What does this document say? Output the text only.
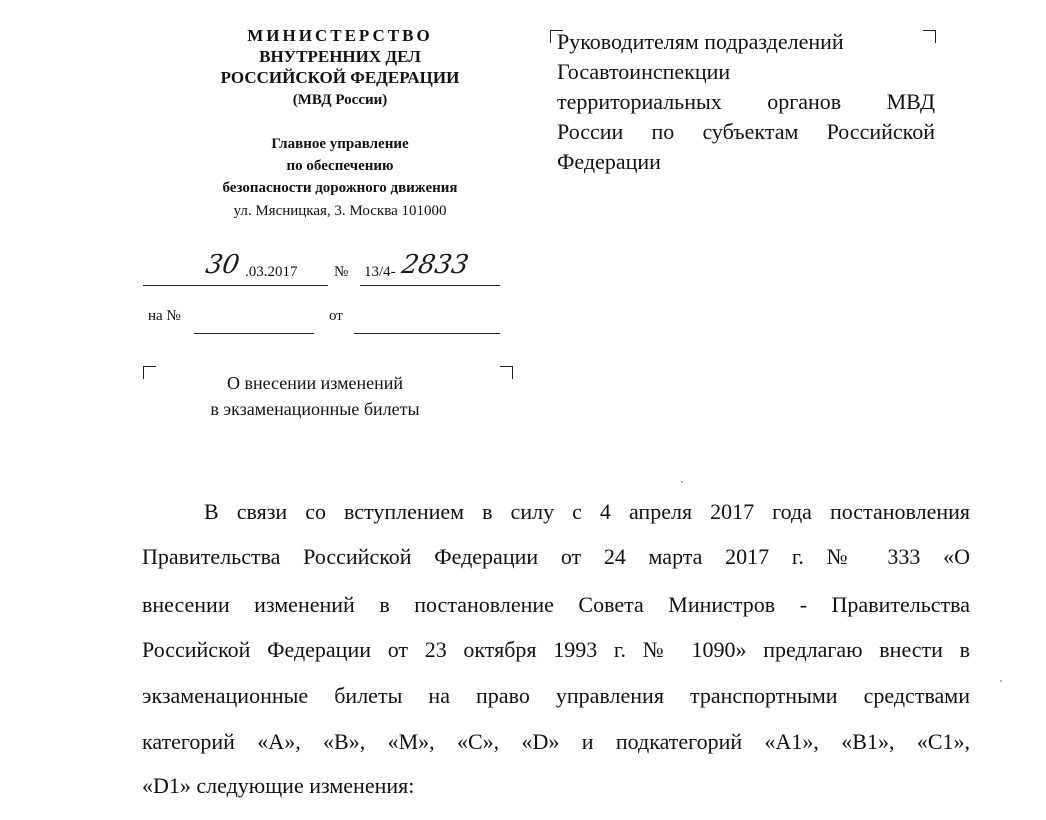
МИНИСТЕРСТВО
ВНУТРЕННИХ ДЕЛ
РОССИЙСКОЙ ФЕДЕРАЦИИ
(МВД России)
Главное управление
по обеспечению
безопасности дорожного движения
ул. Мясницкая, 3. Москва 101000
30 .03.2017 № 13/4- 2833
на №	от
О внесении изменений
в экзаменационные билеты
Руководителям подразделений
Госавтоинспекции
территориальных органов МВД
России по субъектам Российской
Федерации
В связи со вступлением в силу с 4 апреля 2017 года постановления
Правительства Российской Федерации от 24 марта 2017 г. № 333 «О
внесении изменений в постановление Совета Министров - Правительства
Российской Федерации от 23 октября 1993 г. № 1090» предлагаю внести в
экзаменационные билеты на право управления транспортными средствами
категорий «А», «В», «М», «С», «D» и подкатегорий «А1», «В1», «С1»,
«D1» следующие изменения:
